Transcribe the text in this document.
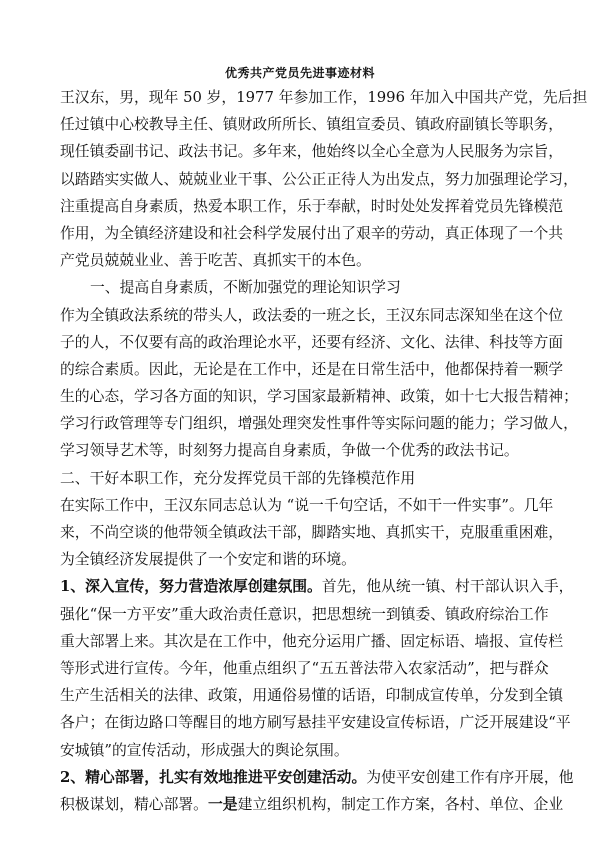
优秀共产党员先进事迹材料
王汉东，男，现年 50 岁，1977 年参加工作，1996 年加入中国共产党，先后担
任过镇中心校教导主任、镇财政所所长、镇组宣委员、镇政府副镇长等职务，
现任镇委副书记、政法书记。多年来，他始终以全心全意为人民服务为宗旨，
以踏踏实实做人、兢兢业业干事、公公正正待人为出发点，努力加强理论学习，
注重提高自身素质，热爱本职工作，乐于奉献，时时处处发挥着党员先锋模范
作用，为全镇经济建设和社会科学发展付出了艰辛的劳动，真正体现了一个共
产党员兢兢业业、善于吃苦、真抓实干的本色。
一、提高自身素质，不断加强党的理论知识学习
作为全镇政法系统的带头人，政法委的一班之长，王汉东同志深知坐在这个位
子的人，不仅要有高的政治理论水平，还要有经济、文化、法律、科技等方面
的综合素质。因此，无论是在工作中，还是在日常生活中，他都保持着一颗学
生的心态，学习各方面的知识，学习国家最新精神、政策，如十七大报告精神；
学习行政管理等专门组织，增强处理突发性事件等实际问题的能力；学习做人，
学习领导艺术等，时刻努力提高自身素质，争做一个优秀的政法书记。
二、干好本职工作，充分发挥党员干部的先锋模范作用
在实际工作中，王汉东同志总认为 “说一千句空话，不如干一件实事”。几年
来，不尚空谈的他带领全镇政法干部，脚踏实地、真抓实干，克服重重困难，
为全镇经济发展提供了一个安定和谐的环境。
1、深入宣传，努力营造浓厚创建氛围。首先，他从统一镇、村干部认识入手，
强化“保一方平安”重大政治责任意识，把思想统一到镇委、镇政府综治工作
重大部署上来。其次是在工作中，他充分运用广播、固定标语、墙报、宣传栏
等形式进行宣传。今年，他重点组织了“五五普法带入农家活动”，把与群众
生产生活相关的法律、政策，用通俗易懂的话语，印制成宣传单，分发到全镇
各户；在街边路口等醒目的地方刷写悬挂平安建设宣传标语，广泛开展建设“平
安城镇”的宣传活动，形成强大的舆论氛围。
2、精心部署，扎实有效地推进平安创建活动。为使平安创建工作有序开展，他
积极谋划，精心部署。一是建立组织机构，制定工作方案，各村、单位、企业
